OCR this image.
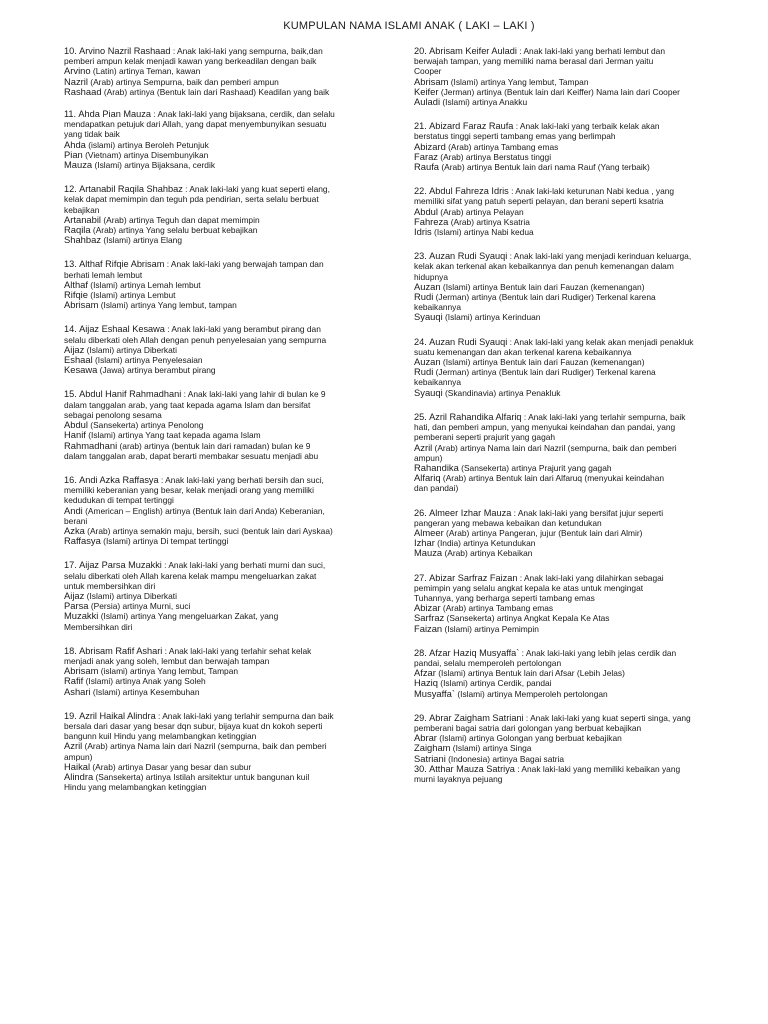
KUMPULAN NAMA ISLAMI ANAK ( LAKI – LAKI )
10. Arvino Nazril Rashaad : Anak laki-laki yang sempurna, baik,dan
pemberi ampun kelak menjadi kawan yang berkeadilan dengan baik
Arvino (Latin) artinya Teman, kawan
Nazril (Arab) artinya Sempurna, baik dan pemberi ampun
Rashaad (Arab) artinya (Bentuk lain dari Rashaad) Keadilan yang baik
11. Ahda Pian Mauza : Anak laki-laki yang bijaksana, cerdik, dan selalu
mendapatkan petujuk dari Allah, yang dapat menyembunyikan sesuatu
yang tidak baik
Ahda (islami) artinya Beroleh Petunjuk
Pian (Vietnam) artinya Disembunyikan
Mauza (Islami) artinya Bijaksana, cerdik
12. Artanabil Raqila Shahbaz : Anak laki-laki yang kuat seperti elang,
kelak dapat memimpin dan teguh pda pendirian, serta selalu berbuat
kebajikan
Artanabil (Arab) artinya Teguh dan dapat memimpin
Raqila (Arab) artinya Yang selalu berbuat kebajikan
Shahbaz (Islami) artinya Elang
13. Althaf Rifqie Abrisam : Anak laki-laki yang berwajah tampan dan
berhati lemah lembut
Althaf (Islami) artinya Lemah lembut
Rifqie (Islami) artinya Lembut
Abrisam (Islami) artinya Yang lembut, tampan
14. Aijaz Eshaal Kesawa : Anak laki-laki yang berambut pirang dan
selalu diberkati oleh Allah dengan penuh penyelesaian yang sempurna
Aijaz (Islami) artinya Diberkati
Eshaal (Islami) artinya Penyelesaian
Kesawa (Jawa) artinya berambut pirang
15. Abdul Hanif Rahmadhani : Anak laki-laki yang lahir di bulan ke 9
dalam tanggalan arab, yang taat kepada agama Islam dan bersifat
sebagai penolong sesama
Abdul (Sansekerta) artinya Penolong
Hanif (Islami) artinya Yang taat kepada agama Islam
Rahmadhani (arab) artinya (bentuk lain dari ramadan) bulan ke 9
dalam tanggalan arab, dapat berarti membakar sesuatu menjadi abu
16. Andi Azka Raffasya : Anak laki-laki yang berhati bersih dan suci,
memiliki keberanian yang besar, kelak menjadi orang yang memiliki
kedudukan di tempat tertinggi
Andi (American – English) artinya (Bentuk lain dari Anda) Keberanian,
berani
Azka (Arab) artinya semakin maju, bersih, suci (bentuk lain dari Ayskaa)
Raffasya (Islami) artinya Di tempat tertinggi
17. Aijaz Parsa Muzakki : Anak laki-laki yang berhati murni dan suci,
selalu diberkati oleh Allah karena kelak mampu mengeluarkan zakat
untuk membersihkan diri
Aijaz (Islami) artinya Diberkati
Parsa (Persia) artinya Murni, suci
Muzakki (Islami) artinya Yang mengeluarkan Zakat, yang
Membersihkan diri
18. Abrisam Rafif Ashari : Anak laki-laki yang terlahir sehat kelak
menjadi anak yang soleh, lembut dan berwajah tampan
Abrisam (islami) artinya Yang lembut, Tampan
Rafif (Islami) artinya Anak yang Soleh
Ashari (Islami) artinya Kesembuhan
19. Azril Haikal Alindra : Anak laki-laki yang terlahir sempurna dan baik
bersala dari dasar yang besar dqn subur, bijaya kuat dn kokoh seperti
bangunn kuil Hindu yang melambangkan ketinggian
Azril (Arab) artinya Nama lain dari Nazril (sempurna, baik dan pemberi
ampun)
Haikal (Arab) artinya Dasar yang besar dan subur
Alindra (Sansekerta) artinya Istilah arsitektur untuk bangunan kuil
Hindu yang melambangkan ketinggian
20. Abrisam Keifer Auladi : Anak laki-laki yang berhati lembut dan
berwajah tampan, yang memiliki nama berasal dari Jerman yaitu
Cooper
Abrisam (Islami) artinya Yang lembut, Tampan
Keifer (Jerman) artinya (Bentuk lain dari Keiffer) Nama lain dari Cooper
Auladi (Islami) artinya Anakku
21. Abizard Faraz Raufa : Anak laki-laki yang terbaik kelak akan
berstatus tinggi seperti tambang emas yang berlimpah
Abizard (Arab) artinya Tambang emas
Faraz (Arab) artinya Berstatus tinggi
Raufa (Arab) artinya Bentuk lain dari nama Rauf (Yang terbaik)
22. Abdul Fahreza Idris : Anak laki-laki keturunan Nabi kedua , yang
memiliki sifat yang patuh seperti pelayan, dan berani seperti ksatria
Abdul (Arab) artinya Pelayan
Fahreza (Arab) artinya Ksatria
Idris (Islami) artinya Nabi kedua
23. Auzan Rudi Syauqi : Anak laki-laki yang menjadi kerinduan keluarga,
kelak akan terkenal akan kebaikannya dan penuh kemenangan dalam
hidupnya
Auzan (Islami) artinya Bentuk lain dari Fauzan (kemenangan)
Rudi (Jerman) artinya (Bentuk lain dari Rudiger) Terkenal karena
kebaikannya
Syauqi (Islami) artinya Kerinduan
24. Auzan Rudi Syauqi : Anak laki-laki yang kelak akan menjadi penakluk
suatu kemenangan dan akan terkenal karena kebaikannya
Auzan (Islami) artinya Bentuk lain dari Fauzan (kemenangan)
Rudi (Jerman) artinya (Bentuk lain dari Rudiger) Terkenal karena
kebaikannya
Syauqi (Skandinavia) artinya Penakluk
25. Azril Rahandika Alfariq : Anak laki-laki yang terlahir sempurna, baik
hati, dan pemberi ampun, yang menyukai keindahan dan pandai, yang
pemberani seperti prajurit yang gagah
Azril (Arab) artinya Nama lain dari Nazril (sempurna, baik dan pemberi
ampun)
Rahandika (Sansekerta) artinya Prajurit yang gagah
Alfariq (Arab) artinya Bentuk lain dari Alfaruq (menyukai keindahan
dan pandai)
26. Almeer Izhar Mauza : Anak laki-laki yang bersifat jujur seperti
pangeran yang mebawa kebaikan dan ketundukan
Almeer (Arab) artinya Pangeran, jujur (Bentuk lain dari Almir)
Izhar (India) artinya Ketundukan
Mauza (Arab) artinya Kebaikan
27. Abizar Sarfraz Faizan : Anak laki-laki yang dilahirkan sebagai
pemimpin yang selalu angkat kepala ke atas untuk mengingat
Tuhannya, yang berharga seperti tambang emas
Abizar (Arab) artinya Tambang emas
Sarfraz (Sansekerta) artinya Angkat Kepala Ke Atas
Faizan (Islami) artinya Pemimpin
28. Afzar Haziq Musyaffa` : Anak laki-laki yang lebih jelas cerdik dan
pandai, selalu memperoleh pertolongan
Afzar (Islami) artinya Bentuk lain dari Afsar (Lebih Jelas)
Haziq (Islami) artinya Cerdik, pandai
Musyaffa` (Islami) artinya Memperoleh pertolongan
29. Abrar Zaigham Satriani : Anak laki-laki yang kuat seperti singa, yang
pemberani bagai satria dari golongan yang berbuat kebajikan
Abrar (Islami) artinya Golongan yang berbuat kebajikan
Zaigham (Islami) artinya Singa
Satriani (Indonesia) artinya Bagai satria
30. Atthar Mauza Satriya : Anak laki-laki yang memiliki kebaikan yang
murni layaknya pejuang
